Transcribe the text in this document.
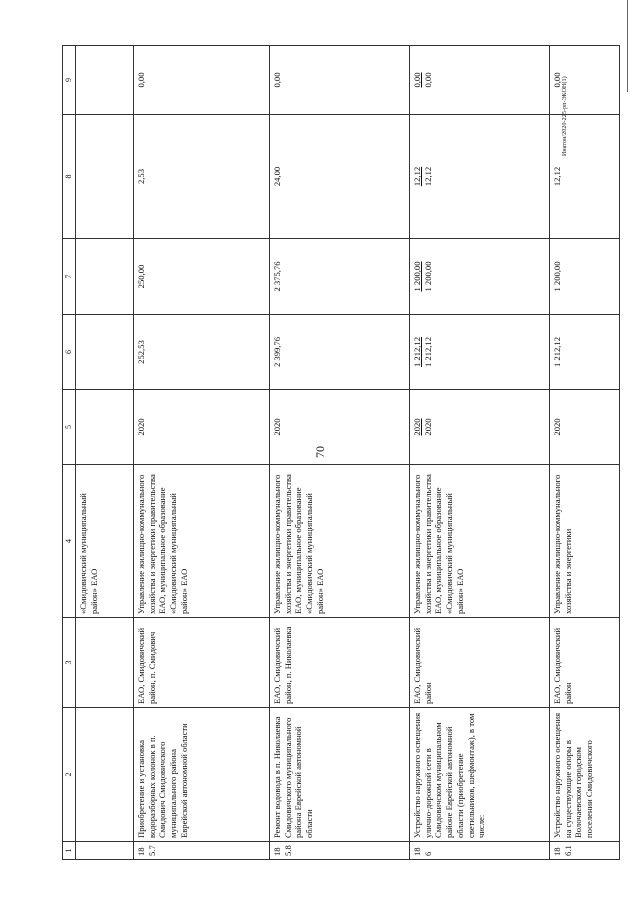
70
Инатон/2020-225-рп-ЭКОН(1)
1	2	3	4	5	6	7	8	9
			«Смидовичский муниципальный район» ЕАО					
185.7	Приобретение и установка водоразборных колонок в п. Смидович Смидовичского муниципального района Еврейской автономной области	ЕАО, Смидовичский район, п. Смидович	Управление жилищно-коммунального хозяйства и энергетики правительства ЕАО, муниципальное образование «Смидовичский муниципальный район» ЕАО	2020	252,53	250,00	2,53	0,00
185.8	Ремонт водовода в п. Николаевка Смидовичского муниципального района Еврейской автономной области	ЕАО, Смидовичский район, п. Николаевка	Управление жилищно-коммунального хозяйства и энергетики правительства ЕАО, муниципальное образование «Смидовичский муниципальный район» ЕАО	2020	2 399,76	2 375,76	24,00	0,00
186	Устройство наружного освещения улично-дорожной сети в Смидовичском муниципальном районе Еврейской автономной области (приобретение светильников, шефмонтаж), в том числе:	ЕАО, Смидовичский район	Управление жилищно-коммунального хозяйства и энергетики правительства ЕАО, муниципальное образование «Смидовичский муниципальный район» ЕАО	2020 2020	1 212,12 1 212,12	1 200,00 1 200,00	12,12 12,12	0,00 0,00

186.1	Устройство наружного освещения на существующие опоры в Волочаевском городском поселении Смидовичского	ЕАО, Смидовичский район	Управление жилищно-коммунального хозяйства и энергетики	2020	1 212,12	1 200,00	12,12	0,00
